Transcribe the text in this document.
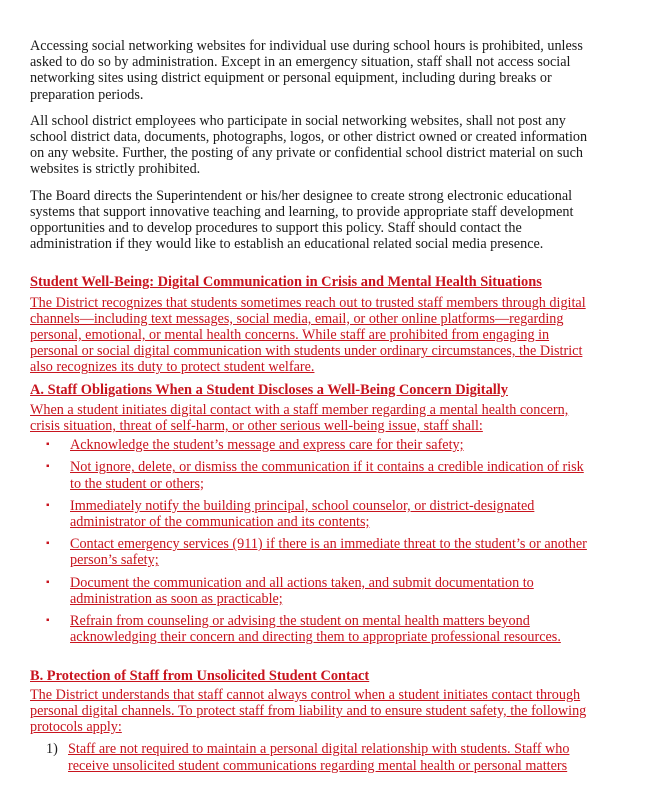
Accessing social networking websites for individual use during school hours is prohibited, unless asked to do so by administration. Except in an emergency situation, staff shall not access social networking sites using district equipment or personal equipment, including during breaks or preparation periods.

All school district employees who participate in social networking websites, shall not post any school district data, documents, photographs, logos, or other district owned or created information on any website. Further, the posting of any private or confidential school district material on such websites is strictly prohibited.

The Board directs the Superintendent or his/her designee to create strong electronic educational systems that support innovative teaching and learning, to provide appropriate staff development opportunities and to develop procedures to support this policy. Staff should contact the administration if they would like to establish an educational related social media presence.

Student Well-Being: Digital Communication in Crisis and Mental Health Situations

The District recognizes that students sometimes reach out to trusted staff members through digital channels—including text messages, social media, email, or other online platforms—regarding personal, emotional, or mental health concerns. While staff are prohibited from engaging in personal or social digital communication with students under ordinary circumstances, the District also recognizes its duty to protect student welfare.

A. Staff Obligations When a Student Discloses a Well-Being Concern Digitally

When a student initiates digital contact with a staff member regarding a mental health concern, crisis situation, threat of self-harm, or other serious well-being issue, staff shall:

▪ Acknowledge the student’s message and express care for their safety;
▪ Not ignore, delete, or dismiss the communication if it contains a credible indication of risk to the student or others;
▪ Immediately notify the building principal, school counselor, or district-designated administrator of the communication and its contents;
▪ Contact emergency services (911) if there is an immediate threat to the student’s or another person’s safety;
▪ Document the communication and all actions taken, and submit documentation to administration as soon as practicable;
▪ Refrain from counseling or advising the student on mental health matters beyond acknowledging their concern and directing them to appropriate professional resources.

B. Protection of Staff from Unsolicited Student Contact

The District understands that staff cannot always control when a student initiates contact through personal digital channels. To protect staff from liability and to ensure student safety, the following protocols apply:

1) Staff are not required to maintain a personal digital relationship with students. Staff who receive unsolicited student communications regarding mental health or personal matters
